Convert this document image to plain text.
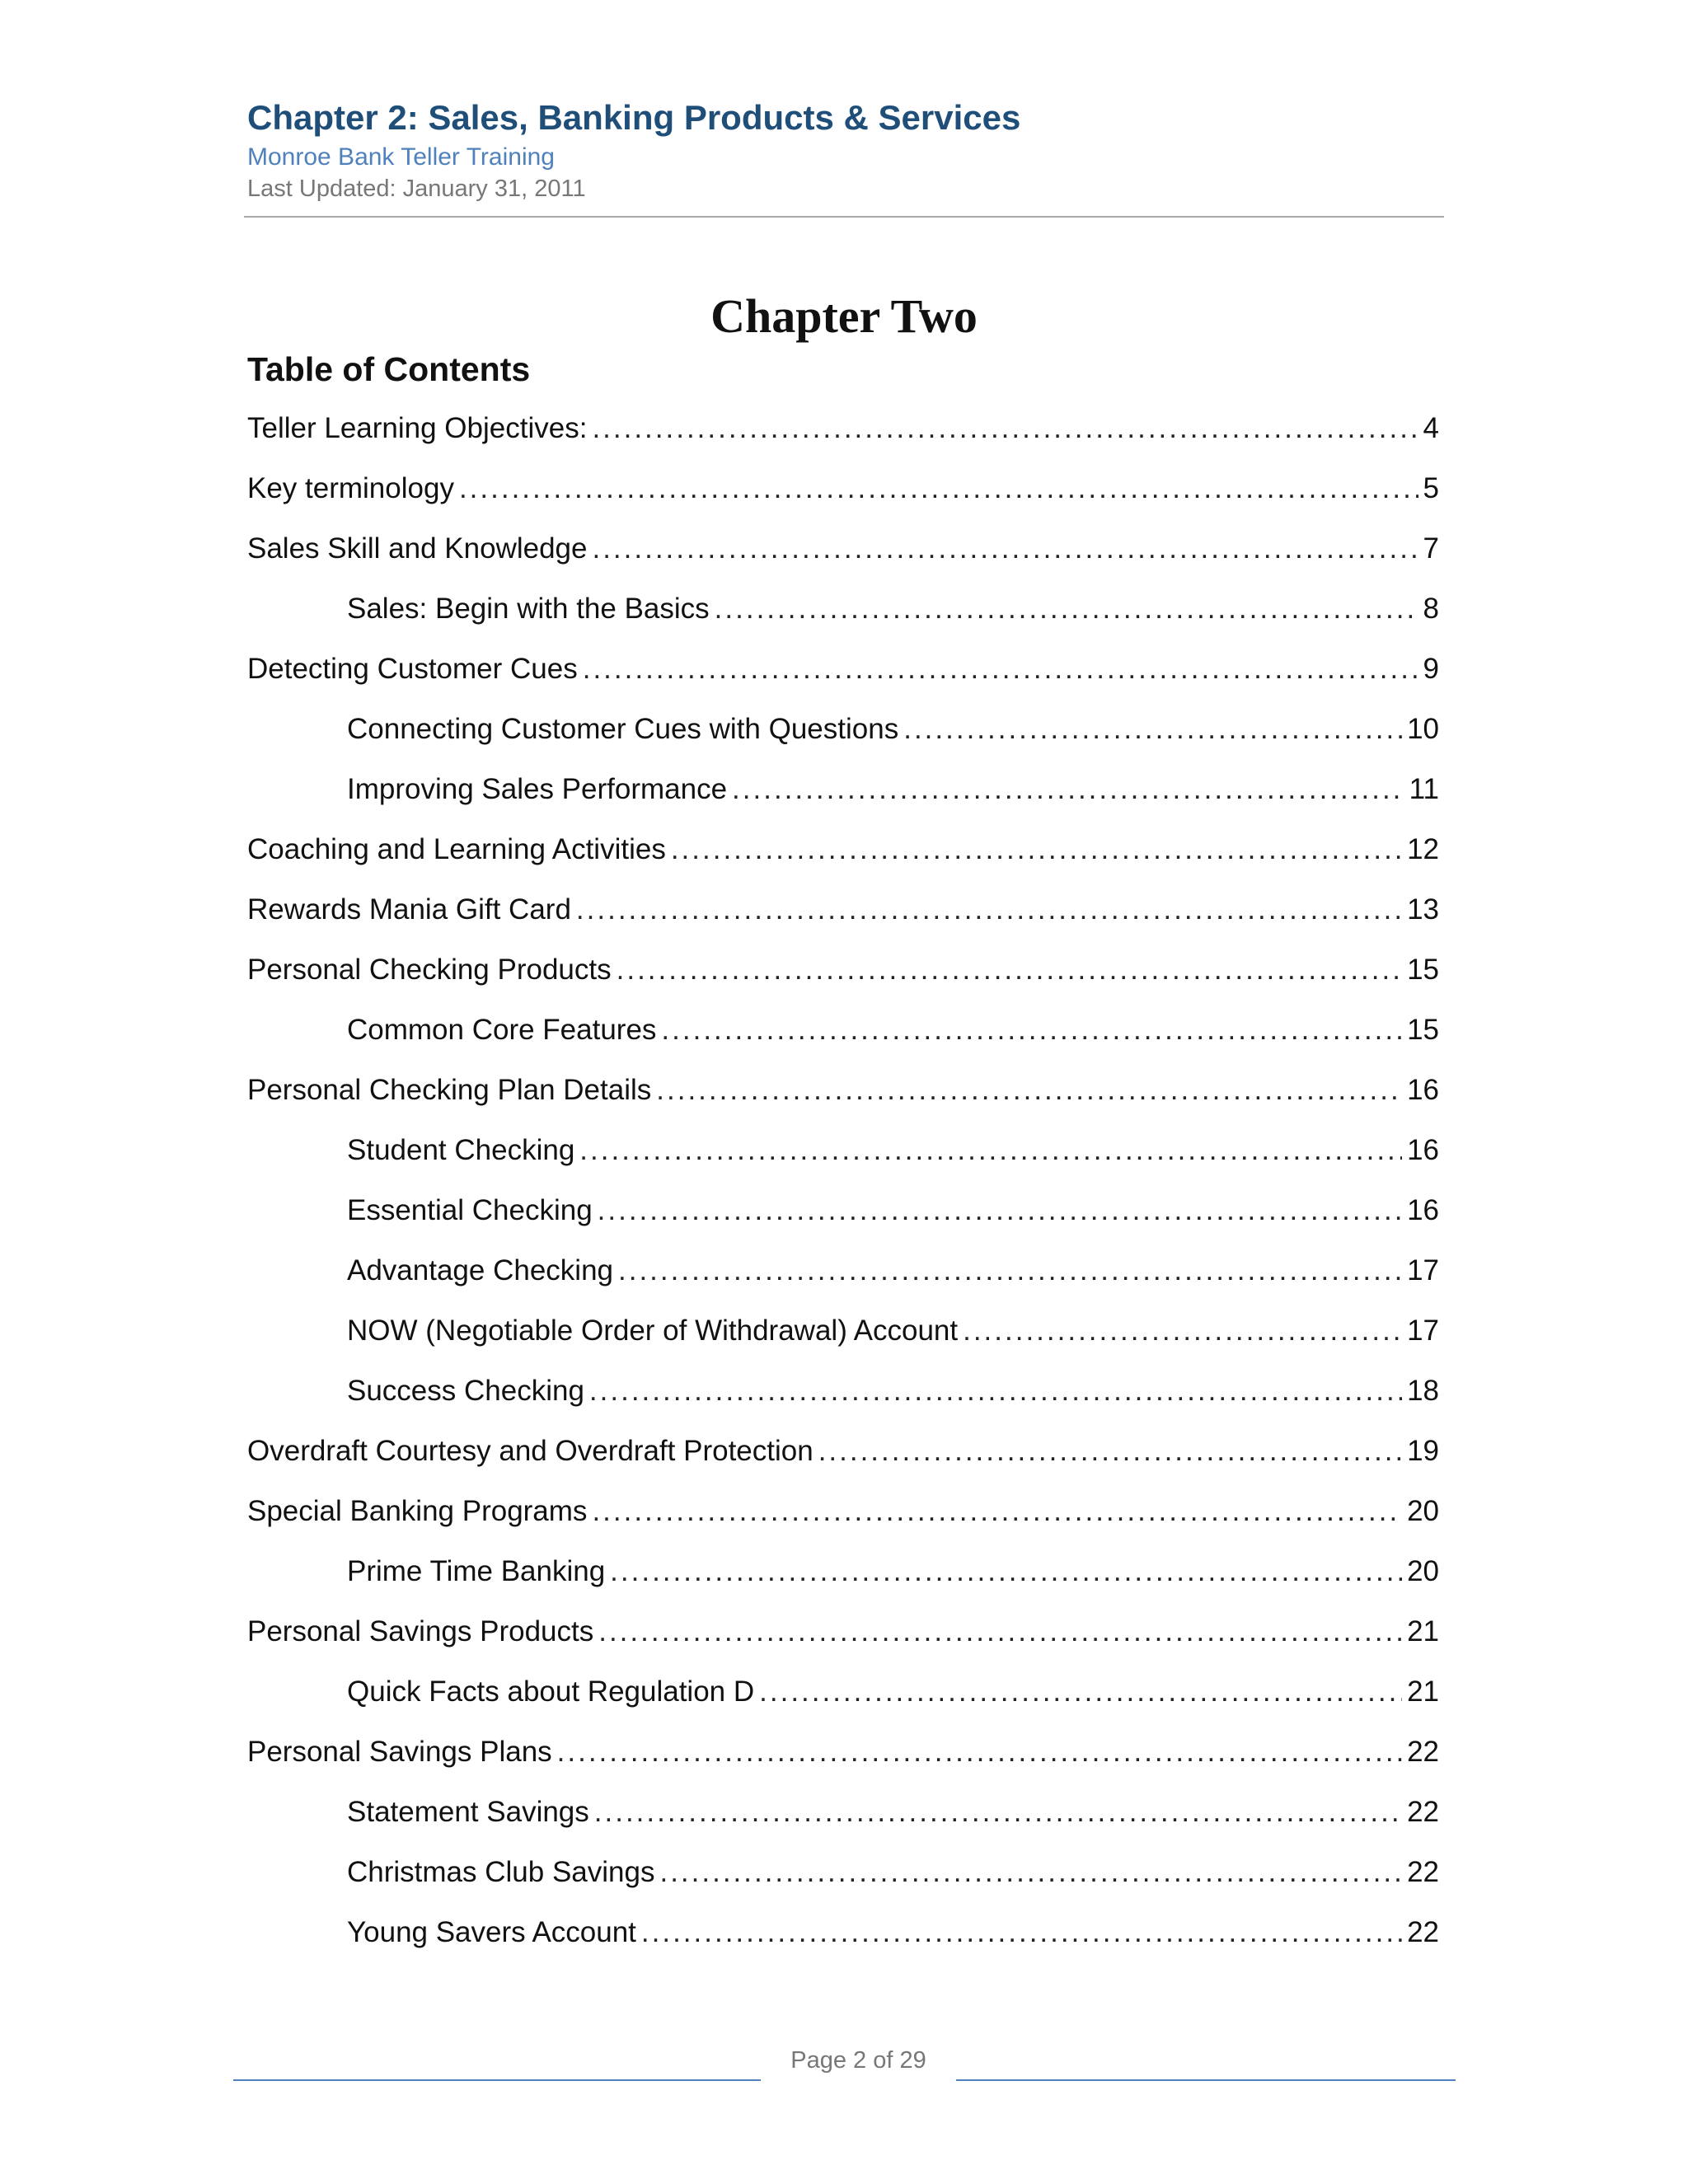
Chapter 2: Sales, Banking Products & Services
Monroe Bank Teller Training
Last Updated: January 31, 2011
Chapter Two
Table of Contents
Teller Learning Objectives: .....	4
Key terminology .....	5
Sales Skill and Knowledge .....	7
Sales: Begin with the Basics .....	8
Detecting Customer Cues .....	9
Connecting Customer Cues with Questions .....	10
Improving Sales Performance .....	11
Coaching and Learning Activities .....	12
Rewards Mania Gift Card .....	13
Personal Checking Products .....	15
Common Core Features .....	15
Personal Checking Plan Details .....	16
Student Checking .....	16
Essential Checking .....	16
Advantage Checking .....	17
NOW (Negotiable Order of Withdrawal) Account .....	17
Success Checking .....	18
Overdraft Courtesy and Overdraft Protection .....	19
Special Banking Programs .....	20
Prime Time Banking .....	20
Personal Savings Products .....	21
Quick Facts about Regulation D .....	21
Personal Savings Plans .....	22
Statement Savings .....	22
Christmas Club Savings .....	22
Young Savers Account .....	22
Page 2 of 29
